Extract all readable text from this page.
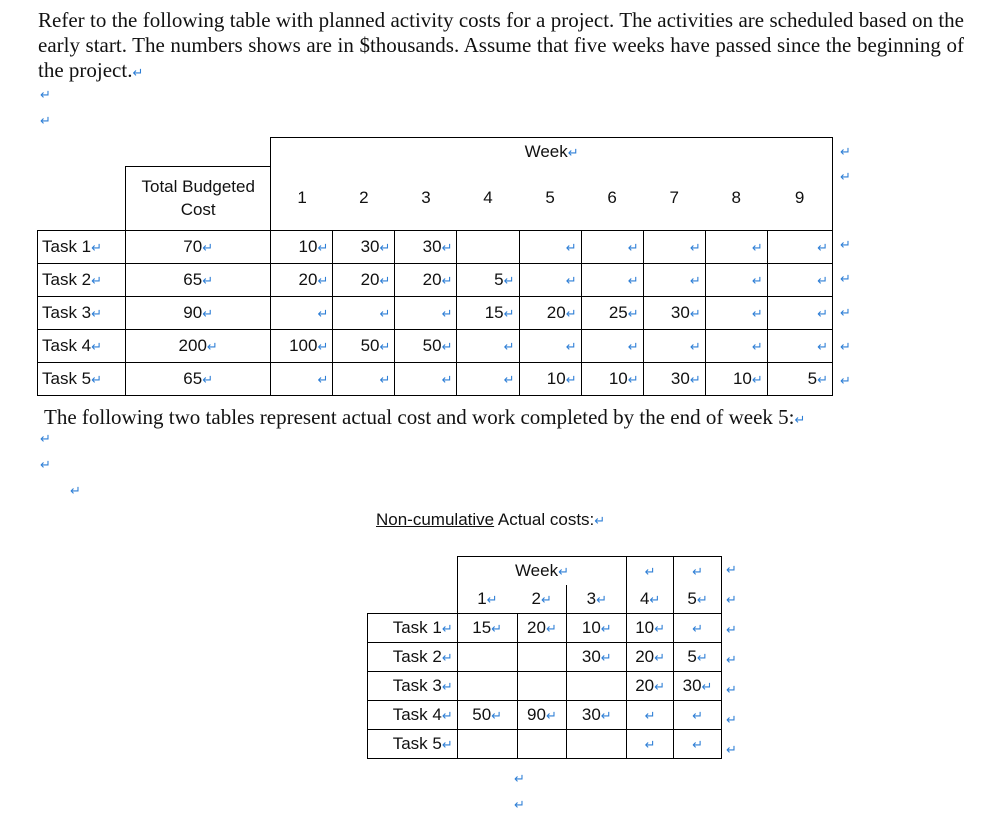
Refer to the following table with planned activity costs for a project. The activities are scheduled based on the early start. The numbers shows are in $thousands. Assume that five weeks have passed since the beginning of the project.↵
↵
↵
		Week↵								
	Total Budgeted Cost	1	2	3	4	5	6	7	8	9
Task 1↵	70↵	10↵	30↵	30↵		↵	↵	↵	↵	↵
Task 2↵	65↵	20↵	20↵	20↵	5↵	↵	↵	↵	↵	↵
Task 3↵	90↵	↵	↵	↵	15↵	20↵	25↵	30↵	↵	↵
Task 4↵	200↵	100↵	50↵	50↵	↵	↵	↵	↵	↵	↵
Task 5↵	65↵	↵	↵	↵	↵	10↵	10↵	30↵	10↵	5↵
↵
↵
↵
↵
↵
↵
↵
The following two tables represent actual cost and work completed by the end of week 5:↵
↵
↵
↵
Non-cumulative Actual costs:↵
	Week↵			↵	↵
	1↵	2↵	3↵	4↵	5↵
Task 1↵	15↵	20↵	10↵	10↵	↵
Task 2↵			30↵	20↵	5↵
Task 3↵				20↵	30↵
Task 4↵	50↵	90↵	30↵	↵	↵
Task 5↵				↵	↵
↵
↵
↵
↵
↵
↵
↵
↵
↵
